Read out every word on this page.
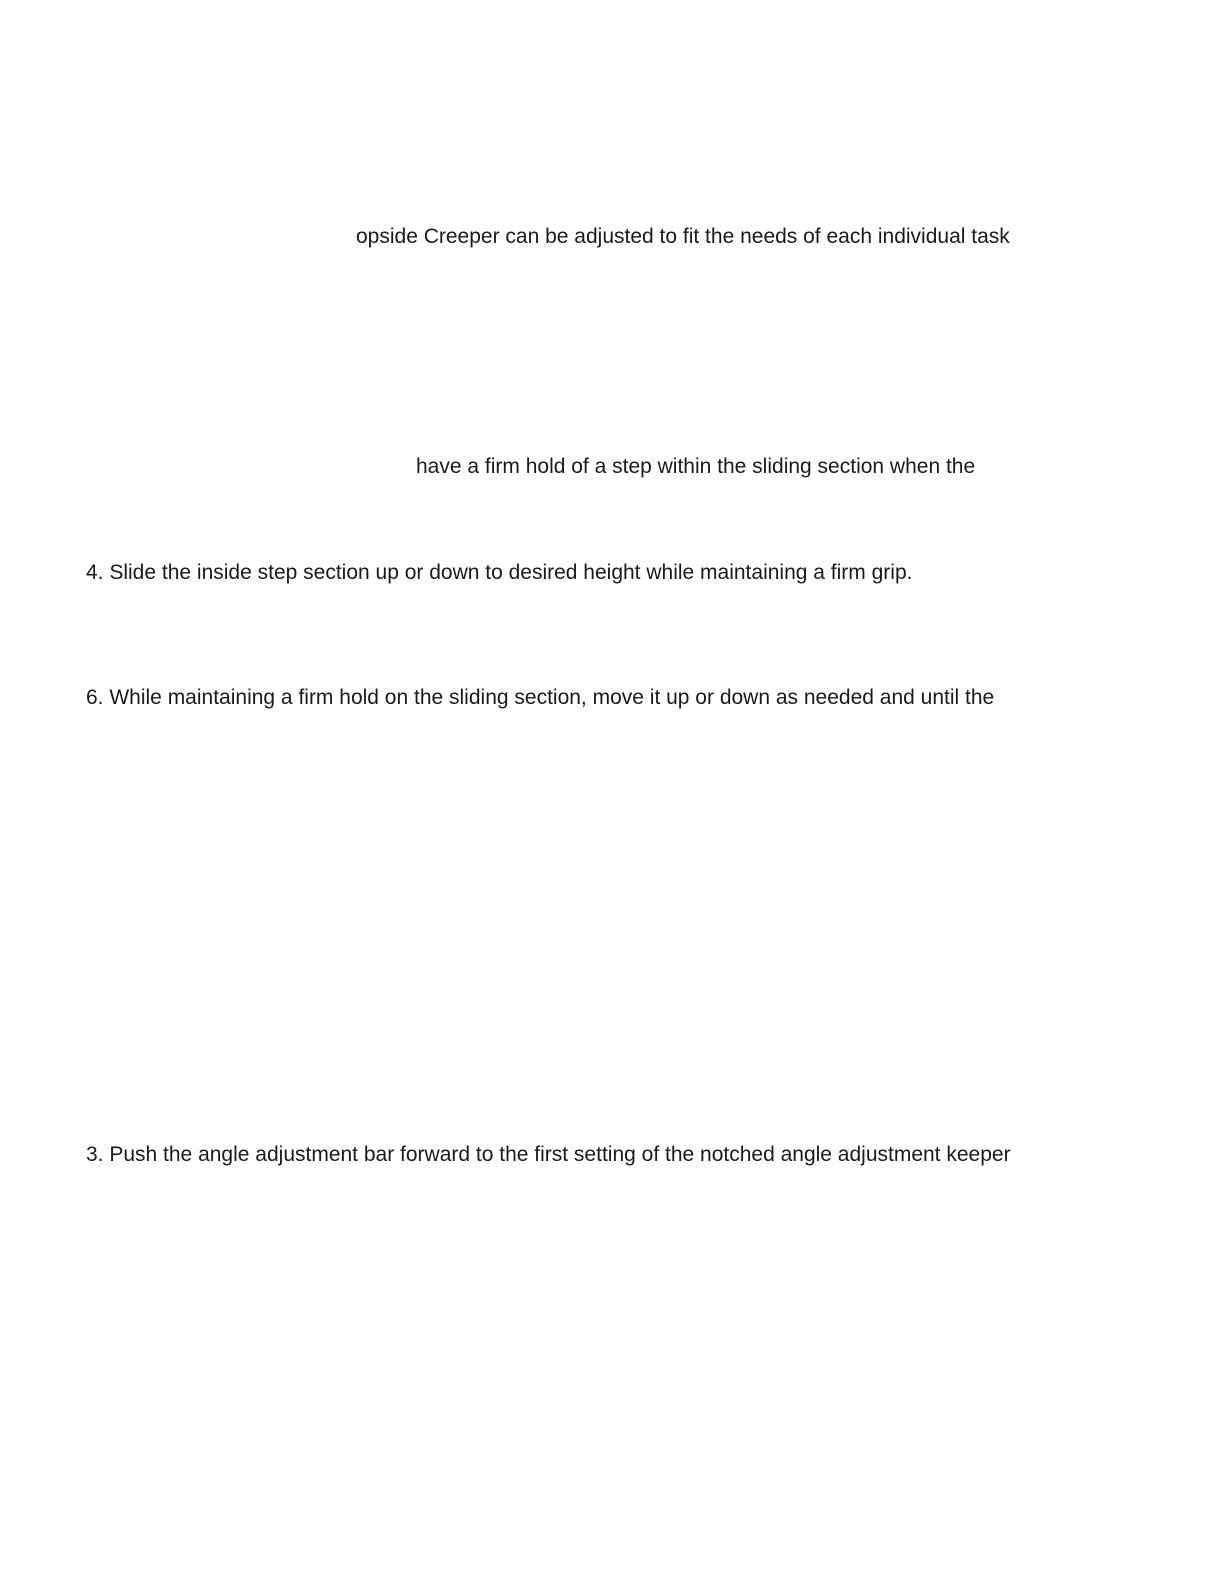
opside Creeper can be adjusted to fit the needs of each individual task
have a firm hold of a step within the sliding section when the
4. Slide the inside step section up or down to desired height while maintaining a firm grip.
6. While maintaining a firm hold on the sliding section, move it up or down as needed and until the
3. Push the angle adjustment bar forward to the first setting of the notched angle adjustment keeper
